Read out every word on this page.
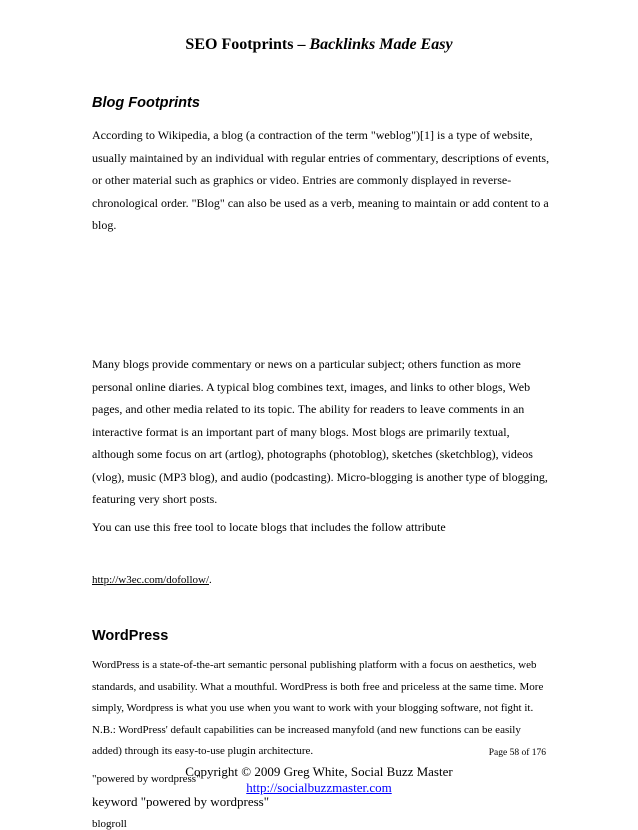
SEO Footprints – Backlinks Made Easy
Blog Footprints
According to Wikipedia, a blog (a contraction of the term "weblog")[1] is a type of website, usually maintained by an individual with regular entries of commentary, descriptions of events, or other material such as graphics or video. Entries are commonly displayed in reverse-chronological order. "Blog" can also be used as a verb, meaning to maintain or add content to a blog.
Many blogs provide commentary or news on a particular subject; others function as more personal online diaries. A typical blog combines text, images, and links to other blogs, Web pages, and other media related to its topic. The ability for readers to leave comments in an interactive format is an important part of many blogs. Most blogs are primarily textual, although some focus on art (artlog), photographs (photoblog), sketches (sketchblog), videos (vlog), music (MP3 blog), and audio (podcasting). Micro-blogging is another type of blogging, featuring very short posts.
You can use this free tool to locate blogs that includes the follow attribute
http://w3ec.com/dofollow/.
WordPress
WordPress is a state-of-the-art semantic personal publishing platform with a focus on aesthetics, web standards, and usability. What a mouthful. WordPress is both free and priceless at the same time. More simply, Wordpress is what you use when you want to work with your blogging software, not fight it. N.B.: WordPress' default capabilities can be increased manyfold (and new functions can be easily added) through its easy-to-use plugin architecture.
"powered by wordpress"
keyword "powered by wordpress"
blogroll
Page 58 of 176
Copyright © 2009 Greg White, Social Buzz Master
http://socialbuzzmaster.com
